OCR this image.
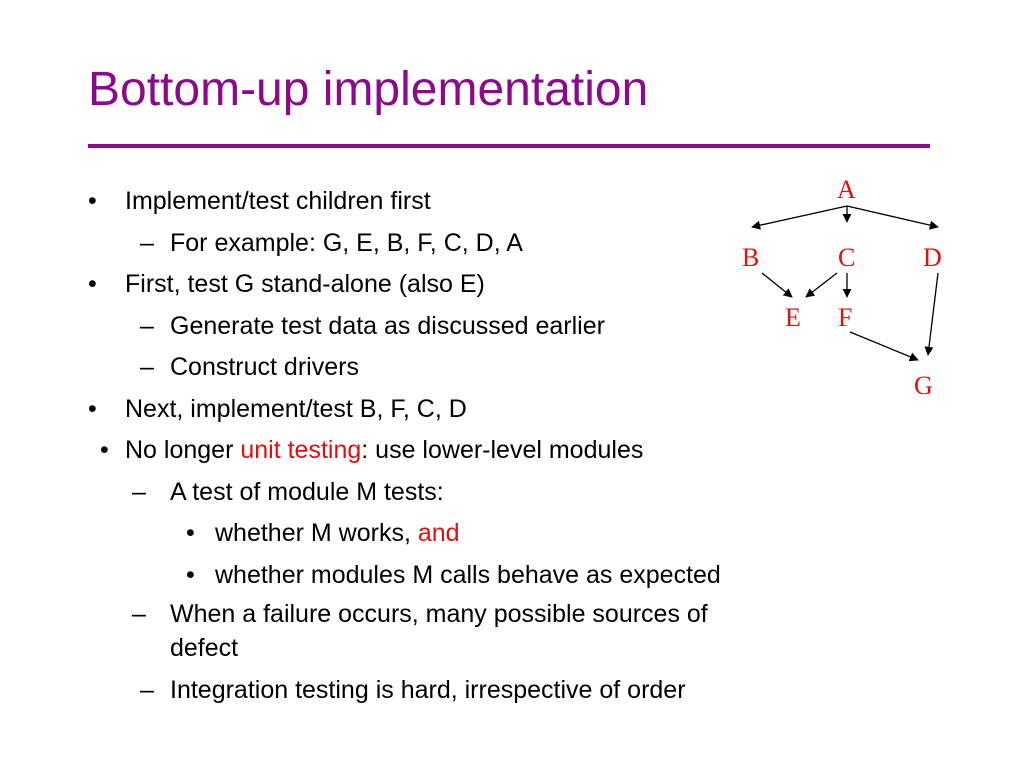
Bottom-up implementation
• Implement/test children first
– For example: G, E, B, F, C, D, A
• First, test G stand-alone (also E)
– Generate test data as discussed earlier
– Construct drivers
• Next, implement/test B, F, C, D
• No longer unit testing: use lower-level modules
– A test of module M tests:
• whether M works, and
• whether modules M calls behave as expected
– When a failure occurs, many possible sources of
defect
– Integration testing is hard, irrespective of order
A
B	C	D
E F
G
